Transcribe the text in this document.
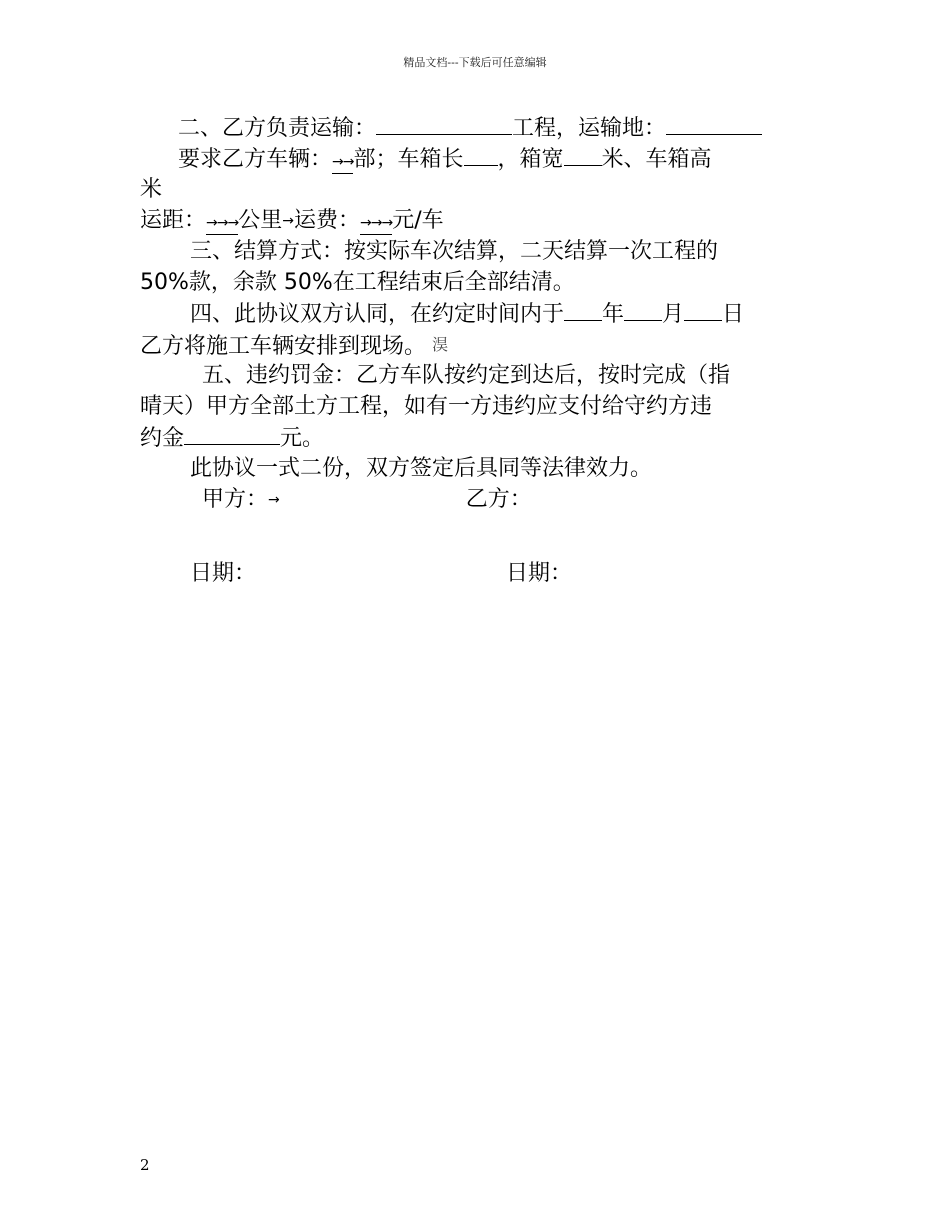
精品文档---下载后可任意编辑
二、乙方负责运输：	工程，运输地：
要求乙方车辆：→→部；车箱长 ，箱宽 米、车箱高
米
运距：→→→公里→运费：→→→元/车
三、结算方式：按实际车次结算，二天结算一次工程的
50%款，余款 50%在工程结束后全部结清。
四、此协议双方认同，在约定时间内于 年 月 日
乙方将施工车辆安排到现场。 淏
五、违约罚金：乙方车队按约定到达后，按时完成（指
晴天）甲方全部土方工程，如有一方违约应支付给守约方违
约金	元。
此协议一式二份，双方签定后具同等法律效力。
甲方：→	乙方：
日期：	日期：
2
